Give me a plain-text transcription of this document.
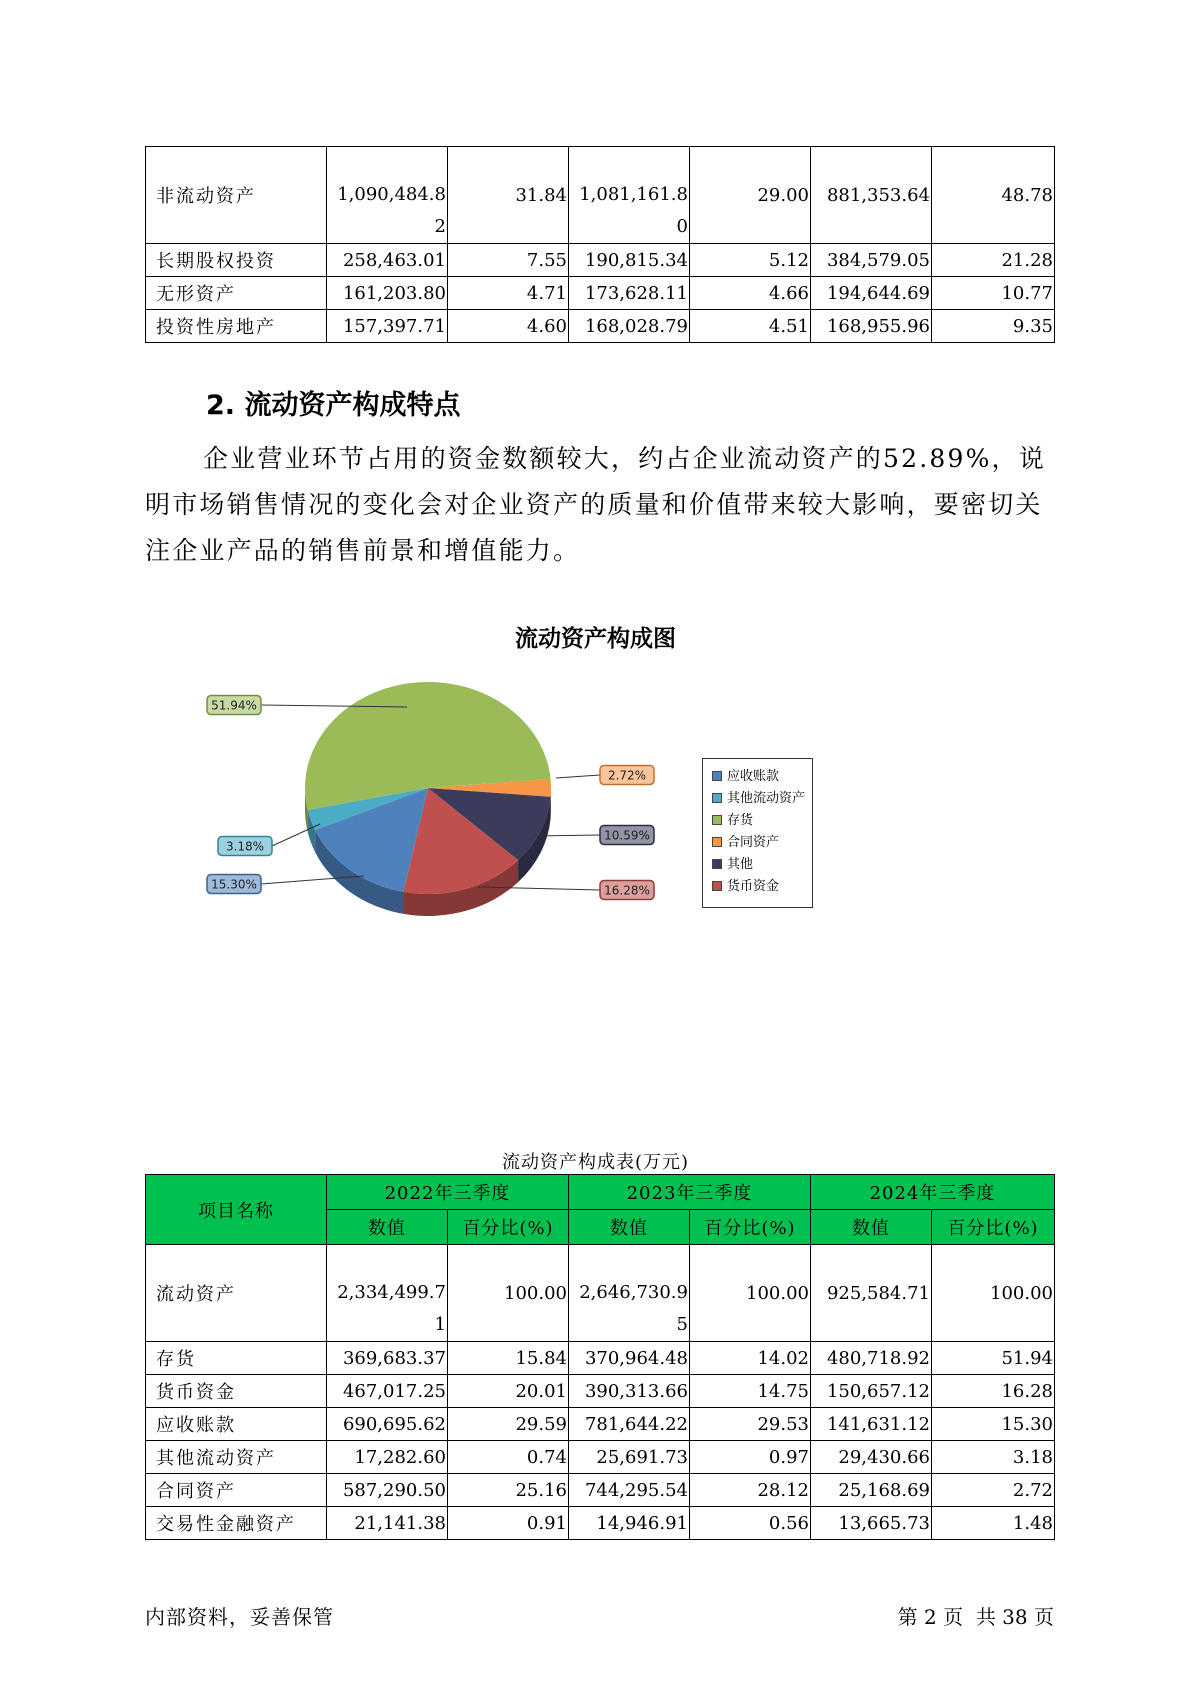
非流动资产	1,090,484.82	31.84	1,081,161.80	29.00	881,353.64	48.78
长期股权投资	258,463.01	7.55	190,815.34	5.12	384,579.05	21.28
无形资产	161,203.80	4.71	173,628.11	4.66	194,644.69	10.77
投资性房地产	157,397.71	4.60	168,028.79	4.51	168,955.96	9.35
2. 流动资产构成特点

企业营业环节占用的资金数额较大，约占企业流动资产的52.89%，说明市场销售情况的变化会对企业资产的质量和价值带来较大影响，要密切关注企业产品的销售前景和增值能力。

流动资产构成图
15.30%
3.18%
51.94%
2.72%
10.59%
16.28%
应收账款
其他流动资产
存货
合同资产
其他
货币资金
流动资产构成表(万元)
项目名称	2022年三季度		2023年三季度		2024年三季度	
	数值	百分比(%)	数值	百分比(%)	数值	百分比(%)
流动资产	2,334,499.71	100.00	2,646,730.95	100.00	925,584.71	100.00
存货	369,683.37	15.84	370,964.48	14.02	480,718.92	51.94
货币资金	467,017.25	20.01	390,313.66	14.75	150,657.12	16.28
应收账款	690,695.62	29.59	781,644.22	29.53	141,631.12	15.30
其他流动资产	17,282.60	0.74	25,691.73	0.97	29,430.66	3.18
合同资产	587,290.50	25.16	744,295.54	28.12	25,168.69	2.72
交易性金融资产	21,141.38	0.91	14,946.91	0.56	13,665.73	1.48
内部资料，妥善保管	第 2 页  共 38 页
